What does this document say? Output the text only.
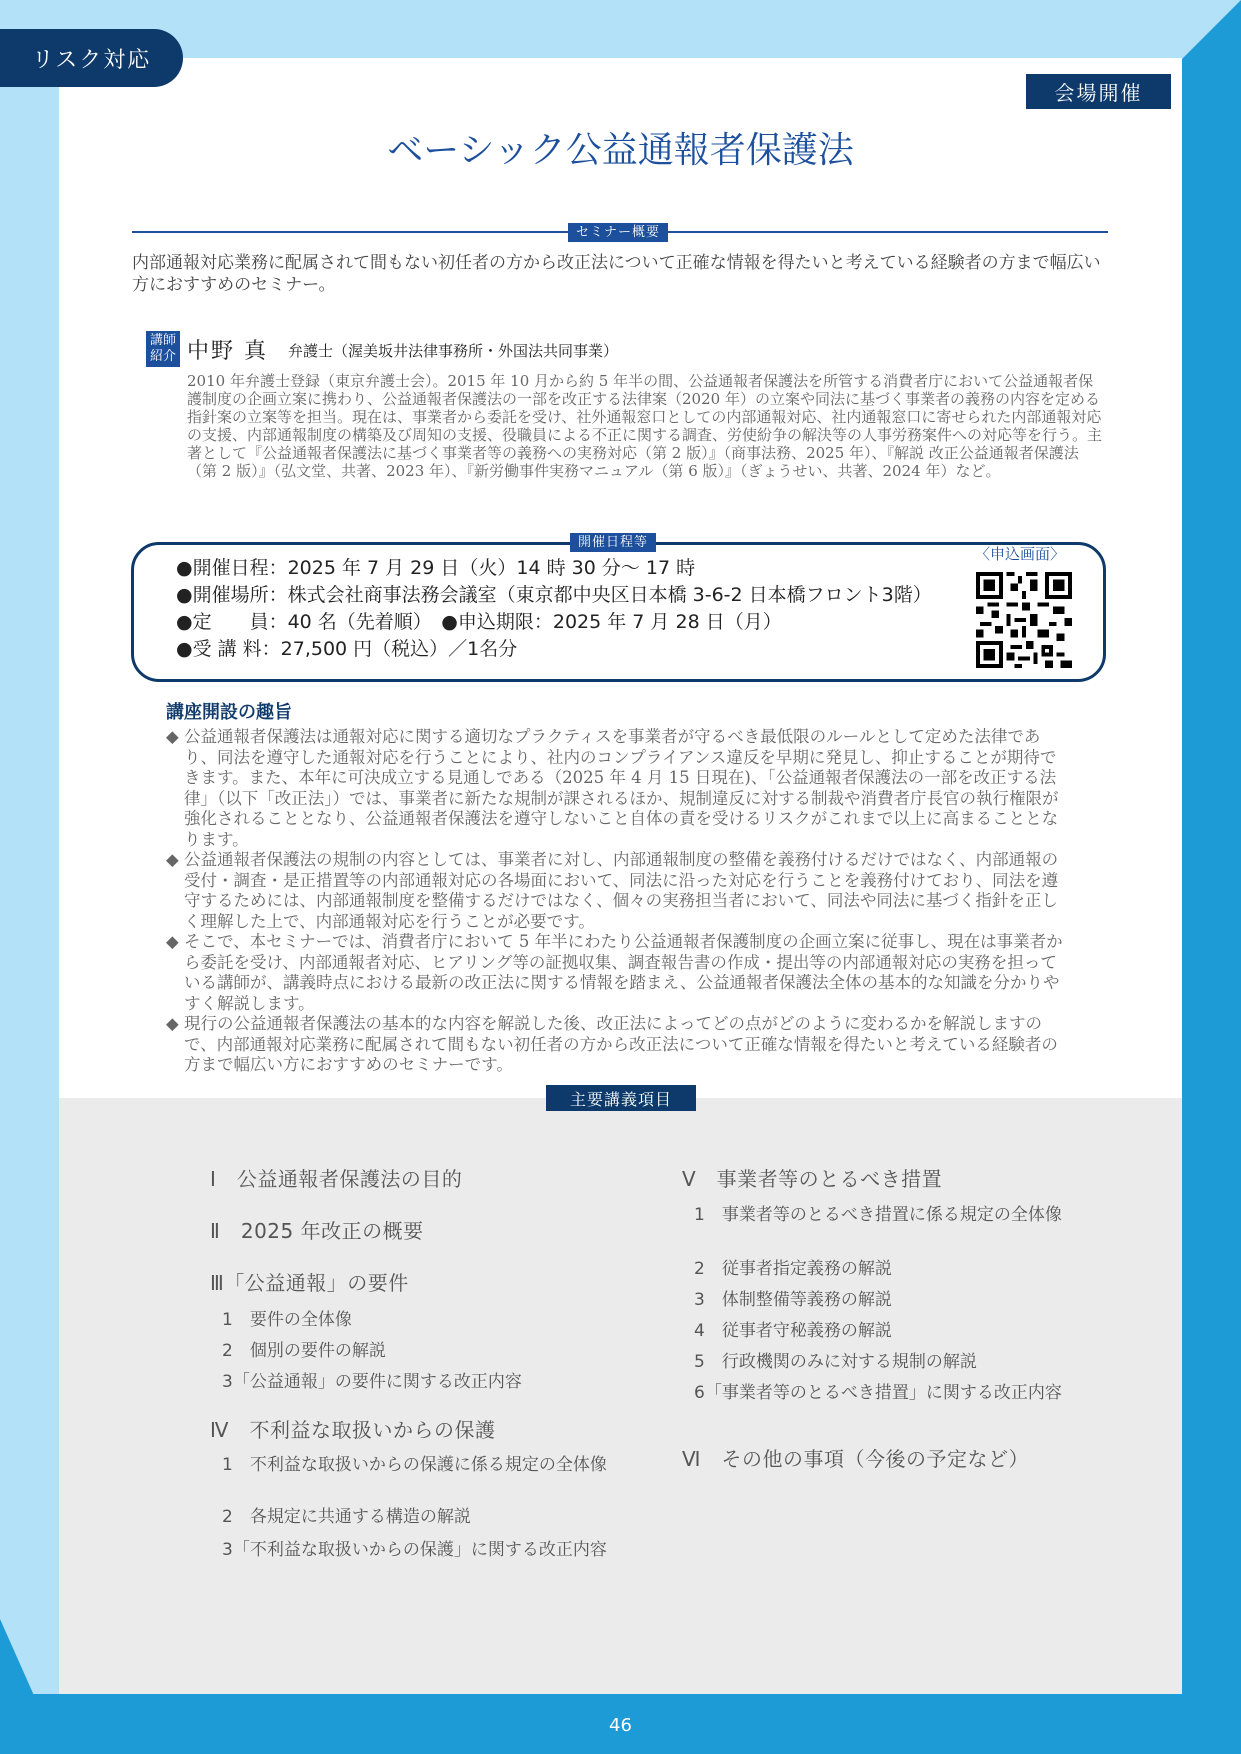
リスク対応
会場開催
ベーシック公益通報者保護法
セミナー概要
内部通報対応業務に配属されて間もない初任者の方から改正法について正確な情報を得たいと考えている経験者の方まで幅広い方におすすめのセミナー。
講師
紹介 中野 真 弁護士（渥美坂井法律事務所・外国法共同事業）
2010 年弁護士登録（東京弁護士会）。2015 年 10 月から約 5 年半の間、公益通報者保護法を所管する消費者庁において公益通報者保護制度の企画立案に携わり、公益通報者保護法の一部を改正する法律案（2020 年）の立案や同法に基づく事業者の義務の内容を定める指針案の立案等を担当。現在は、事業者から委託を受け、社外通報窓口としての内部通報対応、社内通報窓口に寄せられた内部通報対応の支援、内部通報制度の構築及び周知の支援、役職員による不正に関する調査、労使紛争の解決等の人事労務案件への対応等を行う。主著として『公益通報者保護法に基づく事業者等の義務への実務対応（第 2 版）』（商事法務、2025 年）、『解説 改正公益通報者保護法（第 2 版）』（弘文堂、共著、2023 年）、『新労働事件実務マニュアル（第 6 版）』（ぎょうせい、共著、2024 年）など。
開催日程等
●開催日程：2025 年 7 月 29 日（火）14 時 30 分～ 17 時
●開催場所：株式会社商事法務会議室（東京都中央区日本橋 3-6-2 日本橋フロント3階）
●定　　員：40 名（先着順）　●申込期限：2025 年 7 月 28 日（月）
●受 講 料：27,500 円（税込）／1名分
〈申込画面〉
講座開設の趣旨
◆ 公益通報者保護法は通報対応に関する適切なプラクティスを事業者が守るべき最低限のルールとして定めた法律であり、同法を遵守した通報対応を行うことにより、社内のコンプライアンス違反を早期に発見し、抑止することが期待できます。また、本年に可決成立する見通しである（2025 年 4 月 15 日現在)、「公益通報者保護法の一部を改正する法律」（以下「改正法」）では、事業者に新たな規制が課されるほか、規制違反に対する制裁や消費者庁長官の執行権限が強化されることとなり、公益通報者保護法を遵守しないこと自体の責を受けるリスクがこれまで以上に高まることとなります。
◆ 公益通報者保護法の規制の内容としては、事業者に対し、内部通報制度の整備を義務付けるだけではなく、内部通報の受付・調査・是正措置等の内部通報対応の各場面において、同法に沿った対応を行うことを義務付けており、同法を遵守するためには、内部通報制度を整備するだけではなく、個々の実務担当者において、同法や同法に基づく指針を正しく理解した上で、内部通報対応を行うことが必要です。
◆ そこで、本セミナーでは、消費者庁において 5 年半にわたり公益通報者保護制度の企画立案に従事し、現在は事業者から委託を受け、内部通報者対応、ヒアリング等の証拠収集、調査報告書の作成・提出等の内部通報対応の実務を担っている講師が、講義時点における最新の改正法に関する情報を踏まえ、公益通報者保護法全体の基本的な知識を分かりやすく解説します。
◆ 現行の公益通報者保護法の基本的な内容を解説した後、改正法によってどの点がどのように変わるかを解説しますので、内部通報対応業務に配属されて間もない初任者の方から改正法について正確な情報を得たいと考えている経験者の方まで幅広い方におすすめのセミナーです。
主要講義項目
Ⅰ　公益通報者保護法の目的
Ⅱ　2025 年改正の概要
Ⅲ「公益通報」の要件
1　要件の全体像
2　個別の要件の解説
3「公益通報」の要件に関する改正内容
Ⅳ　不利益な取扱いからの保護
1　不利益な取扱いからの保護に係る規定の全体像
2　各規定に共通する構造の解説
3「不利益な取扱いからの保護」に関する改正内容
Ⅴ　事業者等のとるべき措置
1　事業者等のとるべき措置に係る規定の全体像
2　従事者指定義務の解説
3　体制整備等義務の解説
4　従事者守秘義務の解説
5　行政機関のみに対する規制の解説
6「事業者等のとるべき措置」に関する改正内容
Ⅵ　その他の事項（今後の予定など）
46
